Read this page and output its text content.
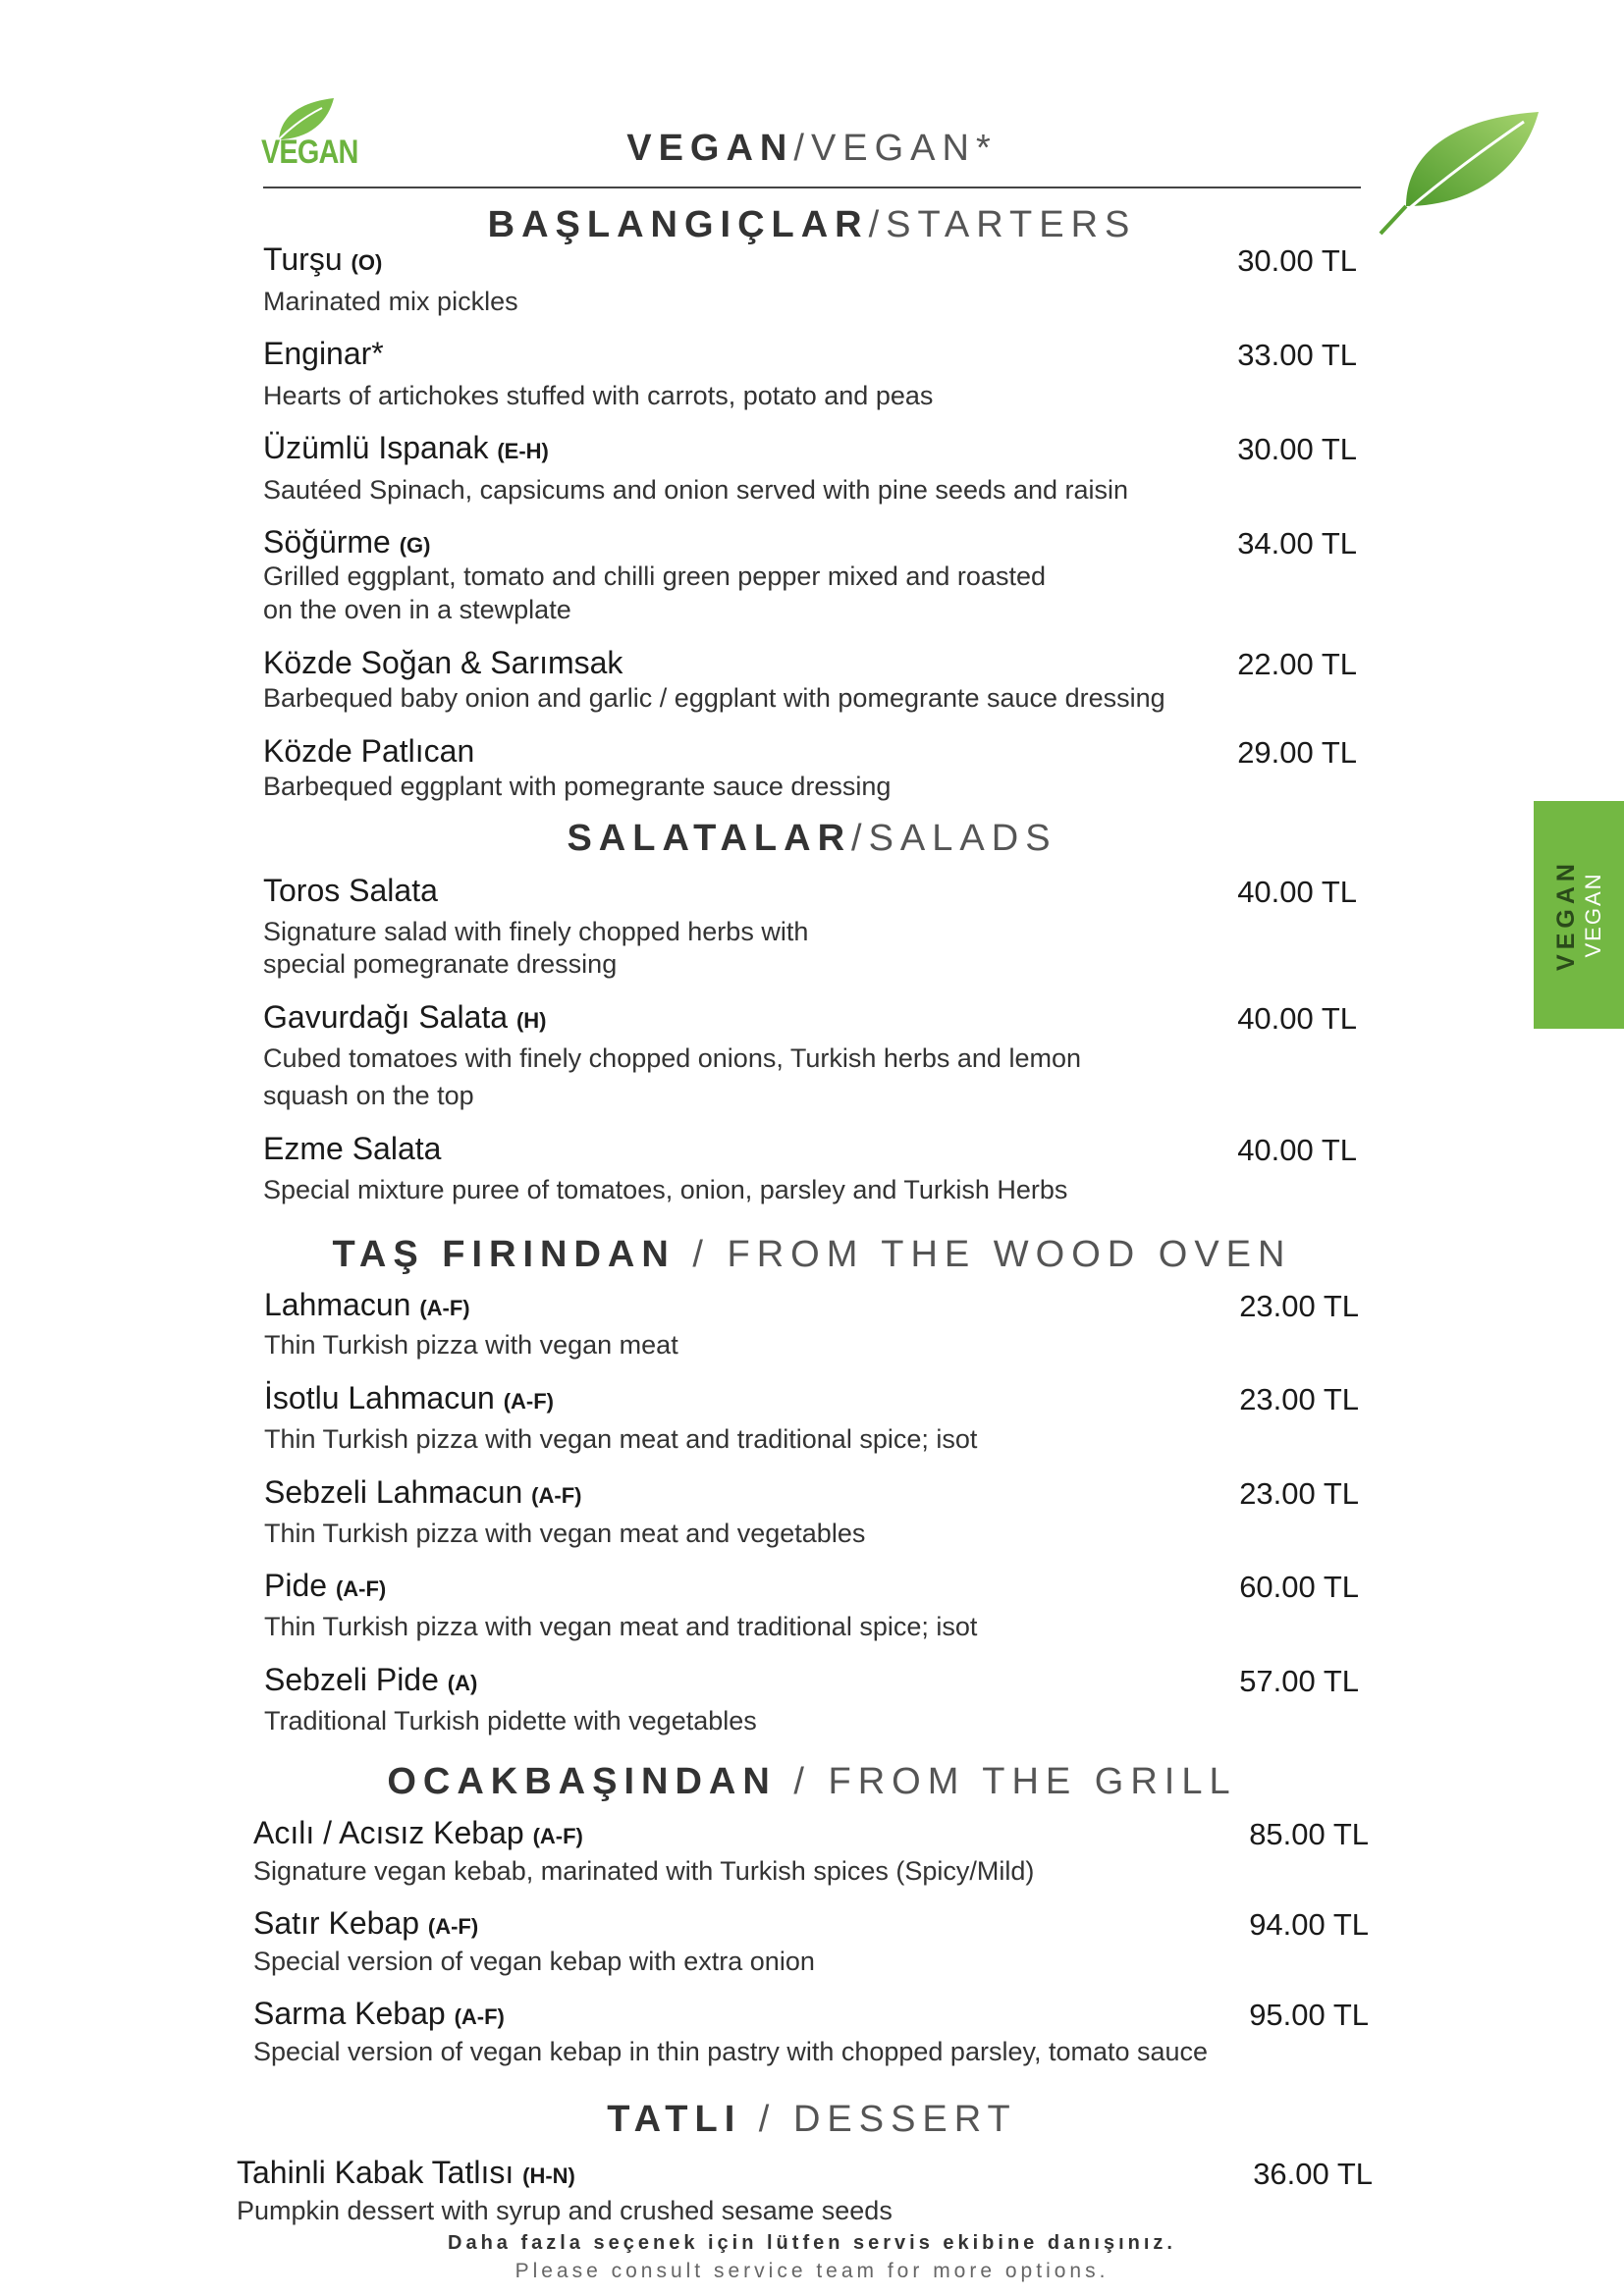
VEGAN	VEGAN/VEGAN*
VEGAN VEGAN
BAŞLANGIÇLAR/STARTERS
SALATALAR/SALADS
TAŞ FIRINDAN / FROM THE WOOD OVEN
OCAKBAŞINDAN / FROM THE GRILL
TATLI / DESSERT
Turşu (O)	30.00 TL
Marinated mix pickles
Enginar*	33.00 TL
Hearts of artichokes stuffed with carrots, potato and peas
Üzümlü Ispanak (E-H)	30.00 TL
Sautéed Spinach, capsicums and onion served with pine seeds and raisin
Söğürme (G)	34.00 TL
Grilled eggplant, tomato and chilli green pepper mixed and roasted
on the oven in a stewplate
Közde Soğan & Sarımsak	22.00 TL
Barbequed baby onion and garlic / eggplant with pomegrante sauce dressing
Közde Patlıcan	29.00 TL
Barbequed eggplant with pomegrante sauce dressing
Toros Salata	40.00 TL
Signature salad with finely chopped herbs with
special pomegranate dressing
Gavurdağı Salata (H)	40.00 TL
Cubed tomatoes with finely chopped onions, Turkish herbs and lemon
squash on the top
Ezme Salata	40.00 TL
Special mixture puree of tomatoes, onion, parsley and Turkish Herbs
Lahmacun (A-F)	23.00 TL
Thin Turkish pizza with vegan meat
İsotlu Lahmacun (A-F)	23.00 TL
Thin Turkish pizza with vegan meat and traditional spice; isot
Sebzeli Lahmacun (A-F)	23.00 TL
Thin Turkish pizza with vegan meat and vegetables
Pide (A-F)	60.00 TL
Thin Turkish pizza with vegan meat and traditional spice; isot
Sebzeli Pide (A)	57.00 TL
Traditional Turkish pidette with vegetables
Acılı / Acısız Kebap (A-F)	85.00 TL
Signature vegan kebab, marinated with Turkish spices (Spicy/Mild)
Satır Kebap (A-F)	94.00 TL
Special version of vegan kebap with extra onion
Sarma Kebap (A-F)	95.00 TL
Special version of vegan kebap in thin pastry with chopped parsley, tomato sauce
Tahinli Kabak Tatlısı (H-N)	36.00 TL
Pumpkin dessert with syrup and crushed sesame seeds
Daha fazla seçenek için lütfen servis ekibine danışınız.
Please consult service team for more options.
